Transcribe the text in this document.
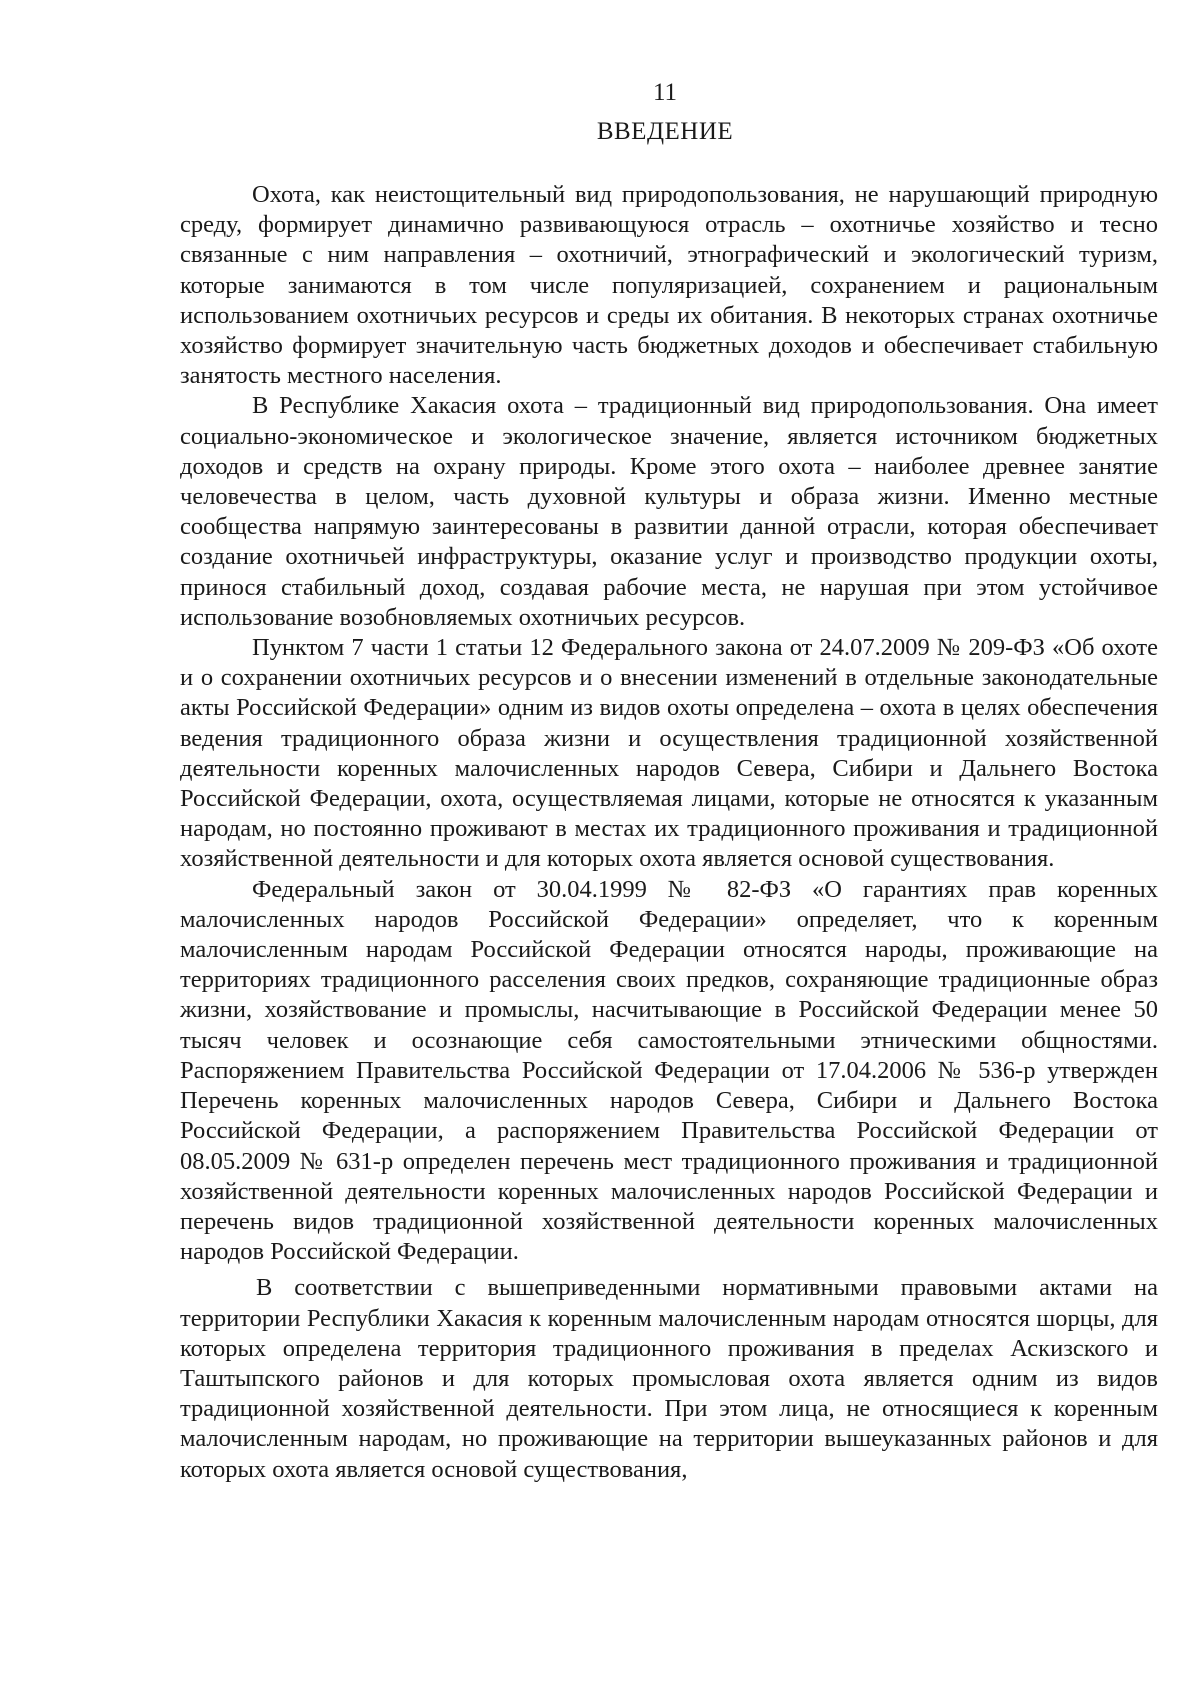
11
ВВЕДЕНИЕ

Охота, как неистощительный вид природопользования, не нарушающий природную среду, формирует динамично развивающуюся отрасль – охотничье хозяйство и тесно связанные с ним направления – охотничий, этнографический и экологический туризм, которые занимаются в том числе популяризацией, сохранением и рациональным использованием охотничьих ресурсов и среды их обитания. В некоторых странах охотничье хозяйство формирует значительную часть бюджетных доходов и обеспечивает стабильную занятость местного населения.

В Республике Хакасия охота – традиционный вид природопользования. Она имеет социально-экономическое и экологическое значение, является источником бюджетных доходов и средств на охрану природы. Кроме этого охота – наиболее древнее занятие человечества в целом, часть духовной культуры и образа жизни. Именно местные сообщества напрямую заинтересованы в развитии данной отрасли, которая обеспечивает создание охотничьей инфраструктуры, оказание услуг и производство продукции охоты, принося стабильный доход, создавая рабочие места, не нарушая при этом устойчивое использование возобновляемых охотничьих ресурсов.

Пунктом 7 части 1 статьи 12 Федерального закона от 24.07.2009 № 209-ФЗ «Об охоте и о сохранении охотничьих ресурсов и о внесении изменений в отдельные законодательные акты Российской Федерации» одним из видов охоты определена – охота в целях обеспечения ведения традиционного образа жизни и осуществления традиционной хозяйственной деятельности коренных малочисленных народов Севера, Сибири и Дальнего Востока Российской Федерации, охота, осуществляемая лицами, которые не относятся к указанным народам, но постоянно проживают в местах их традиционного проживания и традиционной хозяйственной деятельности и для которых охота является основой существования.

Федеральный закон от 30.04.1999 № 82-ФЗ «О гарантиях прав коренных малочисленных народов Российской Федерации» определяет, что к коренным малочисленным народам Российской Федерации относятся народы, проживающие на территориях традиционного расселения своих предков, сохраняющие традиционные образ жизни, хозяйствование и промыслы, насчитывающие в Российской Федерации менее 50 тысяч человек и осознающие себя самостоятельными этническими общностями. Распоряжением Правительства Российской Федерации от 17.04.2006 № 536-р утвержден Перечень коренных малочисленных народов Севера, Сибири и Дальнего Востока Российской Федерации, а распоряжением Правительства Российской Федерации от 08.05.2009 № 631-р определен перечень мест традиционного проживания и традиционной хозяйственной деятельности коренных малочисленных народов Российской Федерации и перечень видов традиционной хозяйственной деятельности коренных малочисленных народов Российской Федерации.

В соответствии с вышеприведенными нормативными правовыми актами на территории Республики Хакасия к коренным малочисленным народам относятся шорцы, для которых определена территория традиционного проживания в пределах Аскизского и Таштыпского районов и для которых промысловая охота является одним из видов традиционной хозяйственной деятельности. При этом лица, не относящиеся к коренным малочисленным народам, но проживающие на территории вышеуказанных районов и для которых охота является основой существования,
